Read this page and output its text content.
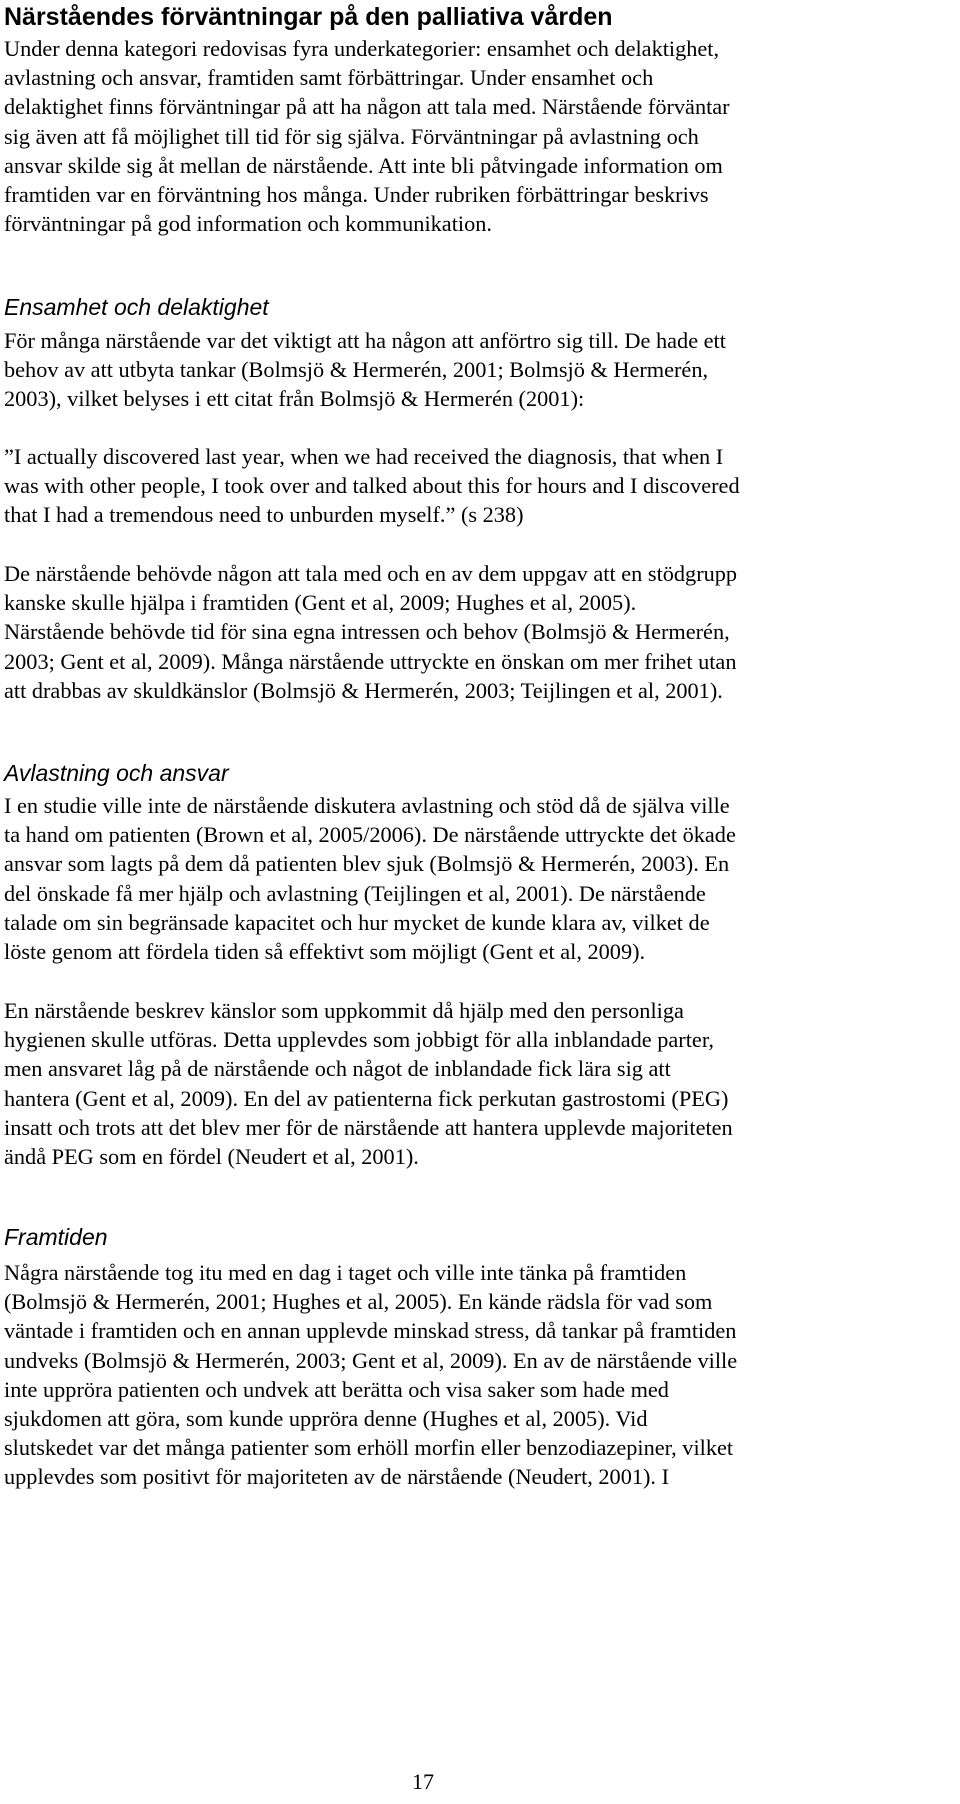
Närståendes förväntningar på den palliativa vården
Under denna kategori redovisas fyra underkategorier: ensamhet och delaktighet,
avlastning och ansvar, framtiden samt förbättringar. Under ensamhet och
delaktighet finns förväntningar på att ha någon att tala med. Närstående förväntar
sig även att få möjlighet till tid för sig själva. Förväntningar på avlastning och
ansvar skilde sig åt mellan de närstående. Att inte bli påtvingade information om
framtiden var en förväntning hos många. Under rubriken förbättringar beskrivs
förväntningar på god information och kommunikation.
Ensamhet och delaktighet
För många närstående var det viktigt att ha någon att anförtro sig till. De hade ett
behov av att utbyta tankar (Bolmsjö & Hermerén, 2001; Bolmsjö & Hermerén,
2003), vilket belyses i ett citat från Bolmsjö & Hermerén (2001):
”I actually discovered last year, when we had received the diagnosis, that when I
was with other people, I took over and talked about this for hours and I discovered
that I had a tremendous need to unburden myself.” (s 238)
De närstående behövde någon att tala med och en av dem uppgav att en stödgrupp
kanske skulle hjälpa i framtiden (Gent et al, 2009; Hughes et al, 2005).
Närstående behövde tid för sina egna intressen och behov (Bolmsjö & Hermerén,
2003; Gent et al, 2009). Många närstående uttryckte en önskan om mer frihet utan
att drabbas av skuldkänslor (Bolmsjö & Hermerén, 2003; Teijlingen et al, 2001).
Avlastning och ansvar
I en studie ville inte de närstående diskutera avlastning och stöd då de själva ville
ta hand om patienten (Brown et al, 2005/2006). De närstående uttryckte det ökade
ansvar som lagts på dem då patienten blev sjuk (Bolmsjö & Hermerén, 2003). En
del önskade få mer hjälp och avlastning (Teijlingen et al, 2001). De närstående
talade om sin begränsade kapacitet och hur mycket de kunde klara av, vilket de
löste genom att fördela tiden så effektivt som möjligt (Gent et al, 2009).
En närstående beskrev känslor som uppkommit då hjälp med den personliga
hygienen skulle utföras. Detta upplevdes som jobbigt för alla inblandade parter,
men ansvaret låg på de närstående och något de inblandade fick lära sig att
hantera (Gent et al, 2009). En del av patienterna fick perkutan gastrostomi (PEG)
insatt och trots att det blev mer för de närstående att hantera upplevde majoriteten
ändå PEG som en fördel (Neudert et al, 2001).
Framtiden
Några närstående tog itu med en dag i taget och ville inte tänka på framtiden
(Bolmsjö & Hermerén, 2001; Hughes et al, 2005). En kände rädsla för vad som
väntade i framtiden och en annan upplevde minskad stress, då tankar på framtiden
undveks (Bolmsjö & Hermerén, 2003; Gent et al, 2009). En av de närstående ville
inte uppröra patienten och undvek att berätta och visa saker som hade med
sjukdomen att göra, som kunde uppröra denne (Hughes et al, 2005). Vid
slutskedet var det många patienter som erhöll morfin eller benzodiazepiner, vilket
upplevdes som positivt för majoriteten av de närstående (Neudert, 2001). I
17
